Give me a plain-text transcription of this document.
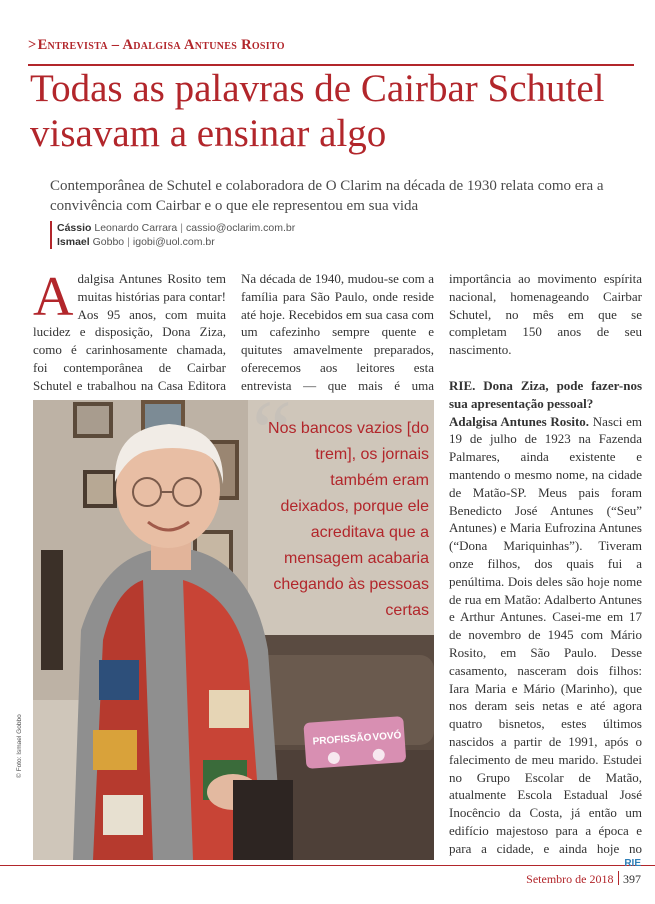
>Entrevista – Adalgisa Antunes Rosito
Todas as palavras de Cairbar Schutel visavam a ensinar algo

Contemporânea de Schutel e colaboradora de O Clarim na década de 1930 relata como era a convivência com Cairbar e o que ele representou em sua vida

Cássio Leonardo Carrara | cassio@oclarim.com.br
Ismael Gobbo | igobi@uol.com.br

Adalgisa Antunes Rosito tem muitas histórias para contar! Aos 95 anos, com muita lucidez e disposição, Dona Ziza, como é carinhosamente chamada, foi contemporânea de Cairbar Schutel e trabalhou na Casa Editora

Na década de 1940, mudou-se com a família para São Paulo, onde reside até hoje. Recebidos em sua casa com um cafezinho sempre quente e quitutes amavelmente preparados, oferecemos aos leitores esta entrevista — que mais é uma

importância ao movimento espírita nacional, homenageando Cairbar Schutel, no mês em que se completam 150 anos de seu nascimento.

RIE. Dona Ziza, pode fazer-nos sua apresentação pessoal?

Adalgisa Antunes Rosito. Nasci em 19 de julho de 1923 na Fazenda Palmares, ainda existente e mantendo o mesmo nome, na cidade de Matão-SP. Meus pais foram Benedicto José Antunes (“Seu” Antunes) e Maria Eufrozina Antunes (“Dona Mariquinhas”). Tiveram onze filhos, dos quais fui a penúltima. Dois deles são hoje nome de rua em Matão: Adalberto Antunes e Arthur Antunes. Casei-me em 17 de novembro de 1945 com Mário Rosito, em São Paulo. Desse casamento, nasceram dois filhos: Iara Maria e Mário (Marinho), que nos deram seis netas e até agora quatro bisnetos, estes últimos nascidos a partir de 1991, após o falecimento de meu marido. Estudei no Grupo Escolar de Matão, atualmente Escola Estadual José Inocêncio da Costa, já então um edifício majestoso para a época e para a cidade, e ainda hoje no

PROFISSÃO VOVÓ
© Foto: Ismael Gobbo
“

Nos bancos vazios [do trem], os jornais também eram deixados, porque ele acreditava que a mensagem acabaria chegando às pessoas certas

RIE
Setembro de 2018 397
